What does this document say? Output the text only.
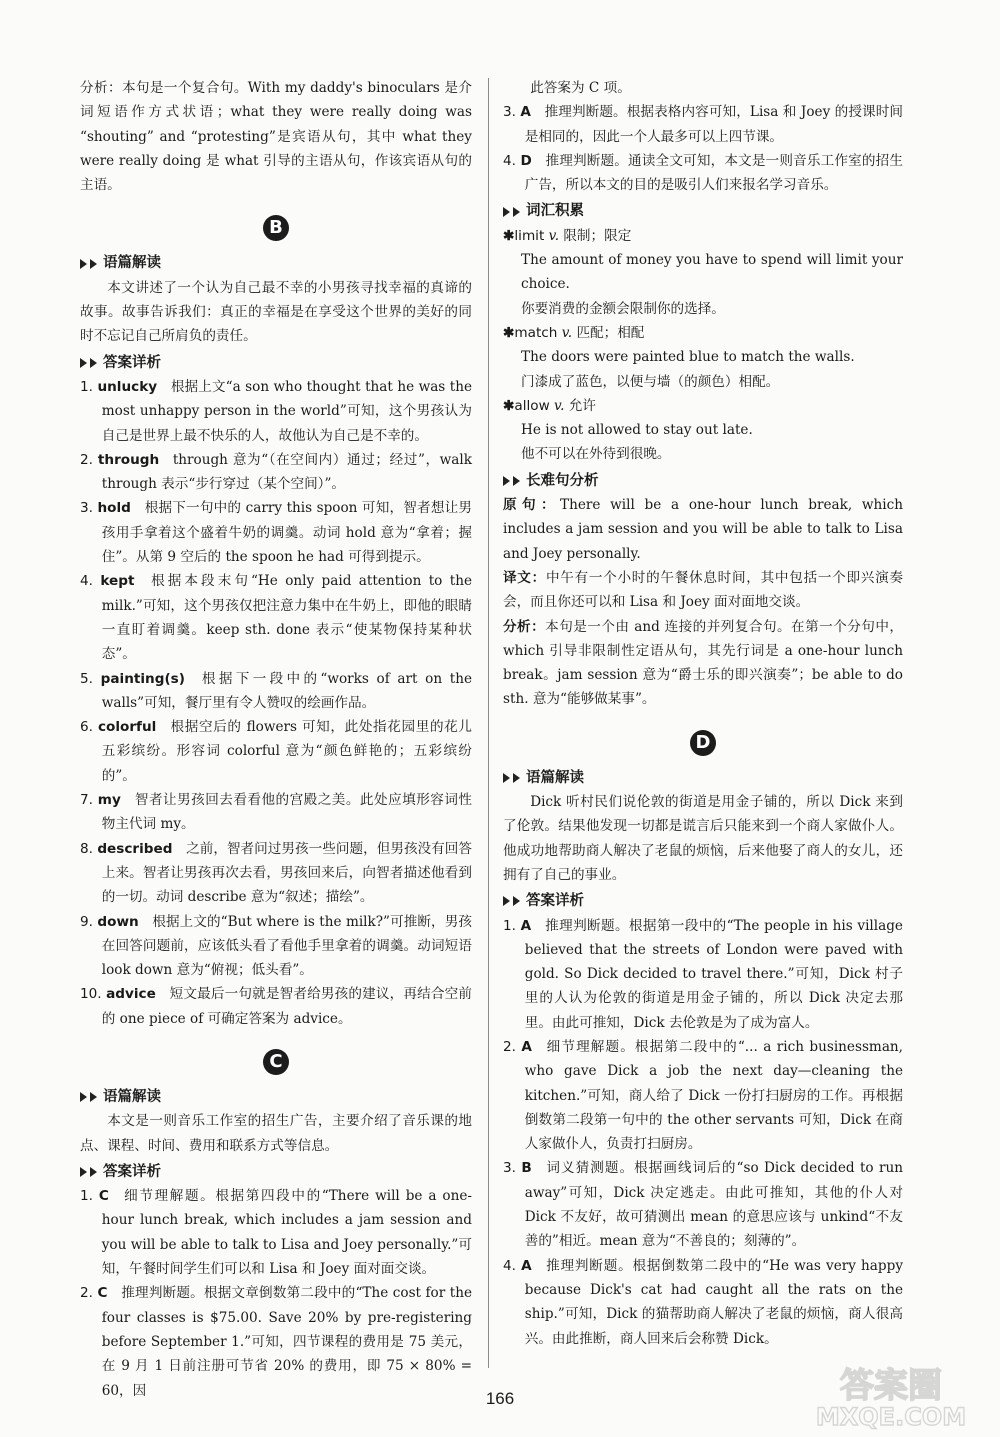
分析：本句是一个复合句。With my daddy's binoculars 是介词短语作方式状语；what they were really doing was “shouting” and “protesting”是宾语从句，其中 what they were really doing 是 what 引导的主语从句，作该宾语从句的主语。

B
语篇解读

本文讲述了一个认为自己最不幸的小男孩寻找幸福的真谛的故事。故事告诉我们：真正的幸福是在享受这个世界的美好的同时不忘记自己所肩负的责任。

答案详析

1. unlucky  根据上文“a son who thought that he was the most unhappy person in the world”可知，这个男孩认为自己是世界上最不快乐的人，故他认为自己是不幸的。

2. through  through 意为“（在空间内）通过；经过”，walk through 表示“步行穿过（某个空间）”。

3. hold  根据下一句中的 carry this spoon 可知，智者想让男孩用手拿着这个盛着牛奶的调羹。动词 hold 意为“拿着；握住”。从第 9 空后的 the spoon he had 可得到提示。

4. kept  根据本段末句“He only paid attention to the milk.”可知，这个男孩仅把注意力集中在牛奶上，即他的眼睛一直盯着调羹。keep sth. done 表示“使某物保持某种状态”。

5. painting(s)  根据下一段中的“works of art on the walls”可知，餐厅里有令人赞叹的绘画作品。

6. colorful  根据空后的 flowers 可知，此处指花园里的花儿五彩缤纷。形容词 colorful 意为“颜色鲜艳的；五彩缤纷的”。

7. my  智者让男孩回去看看他的宫殿之美。此处应填形容词性物主代词 my。

8. described  之前，智者问过男孩一些问题，但男孩没有回答上来。智者让男孩再次去看，男孩回来后，向智者描述他看到的一切。动词 describe 意为“叙述；描绘”。

9. down  根据上文的“But where is the milk?”可推断，男孩在回答问题前，应该低头看了看他手里拿着的调羹。动词短语 look down 意为“俯视；低头看”。

10. advice  短文最后一句就是智者给男孩的建议，再结合空前的 one piece of 可确定答案为 advice。

C
语篇解读

本文是一则音乐工作室的招生广告，主要介绍了音乐课的地点、课程、时间、费用和联系方式等信息。

答案详析

1. C  细节理解题。根据第四段中的“There will be a one-hour lunch break, which includes a jam session and you will be able to talk to Lisa and Joey personally.”可知，午餐时间学生们可以和 Lisa 和 Joey 面对面交谈。

2. C  推理判断题。根据文章倒数第二段中的“The cost for the four classes is $75.00. Save 20% by pre-registering before September 1.”可知，四节课程的费用是 75 美元，在 9 月 1 日前注册可节省 20% 的费用，即 75 × 80% = 60，因

此答案为 C 项。

3. A  推理判断题。根据表格内容可知，Lisa 和 Joey 的授课时间是相同的，因此一个人最多可以上四节课。

4. D  推理判断题。通读全文可知，本文是一则音乐工作室的招生广告，所以本文的目的是吸引人们来报名学习音乐。

词汇积累

✱limit v. 限制；限定

The amount of money you have to spend will limit your choice.

你要消费的金额会限制你的选择。

✱match v. 匹配；相配

The doors were painted blue to match the walls.

门漆成了蓝色，以便与墙（的颜色）相配。

✱allow v. 允许

He is not allowed to stay out late.

他不可以在外待到很晚。

长难句分析

原句：There will be a one-hour lunch break, which includes a jam session and you will be able to talk to Lisa and Joey personally.

译文：中午有一个小时的午餐休息时间，其中包括一个即兴演奏会，而且你还可以和 Lisa 和 Joey 面对面地交谈。

分析：本句是一个由 and 连接的并列复合句。在第一个分句中，which 引导非限制性定语从句，其先行词是 a one-hour lunch break。jam session 意为“爵士乐的即兴演奏”；be able to do sth. 意为“能够做某事”。

D
语篇解读

Dick 听村民们说伦敦的街道是用金子铺的，所以 Dick 来到了伦敦。结果他发现一切都是谎言后只能来到一个商人家做仆人。他成功地帮助商人解决了老鼠的烦恼，后来他娶了商人的女儿，还拥有了自己的事业。

答案详析

1. A  推理判断题。根据第一段中的“The people in his village believed that the streets of London were paved with gold. So Dick decided to travel there.”可知，Dick 村子里的人认为伦敦的街道是用金子铺的，所以 Dick 决定去那里。由此可推知，Dick 去伦敦是为了成为富人。

2. A  细节理解题。根据第二段中的“... a rich businessman, who gave Dick a job the next day—cleaning the kitchen.”可知，商人给了 Dick 一份打扫厨房的工作。再根据倒数第二段第一句中的 the other servants 可知，Dick 在商人家做仆人，负责打扫厨房。

3. B  词义猜测题。根据画线词后的“so Dick decided to run away”可知，Dick 决定逃走。由此可推知，其他的仆人对 Dick 不友好，故可猜测出 mean 的意思应该与 unkind“不友善的”相近。mean 意为“不善良的；刻薄的”。

4. A  推理判断题。根据倒数第二段中的“He was very happy because Dick's cat had caught all the rats on the ship.”可知，Dick 的猫帮助商人解决了老鼠的烦恼，商人很高兴。由此推断，商人回来后会称赞 Dick。

166	答案圈
MXQE.COM
